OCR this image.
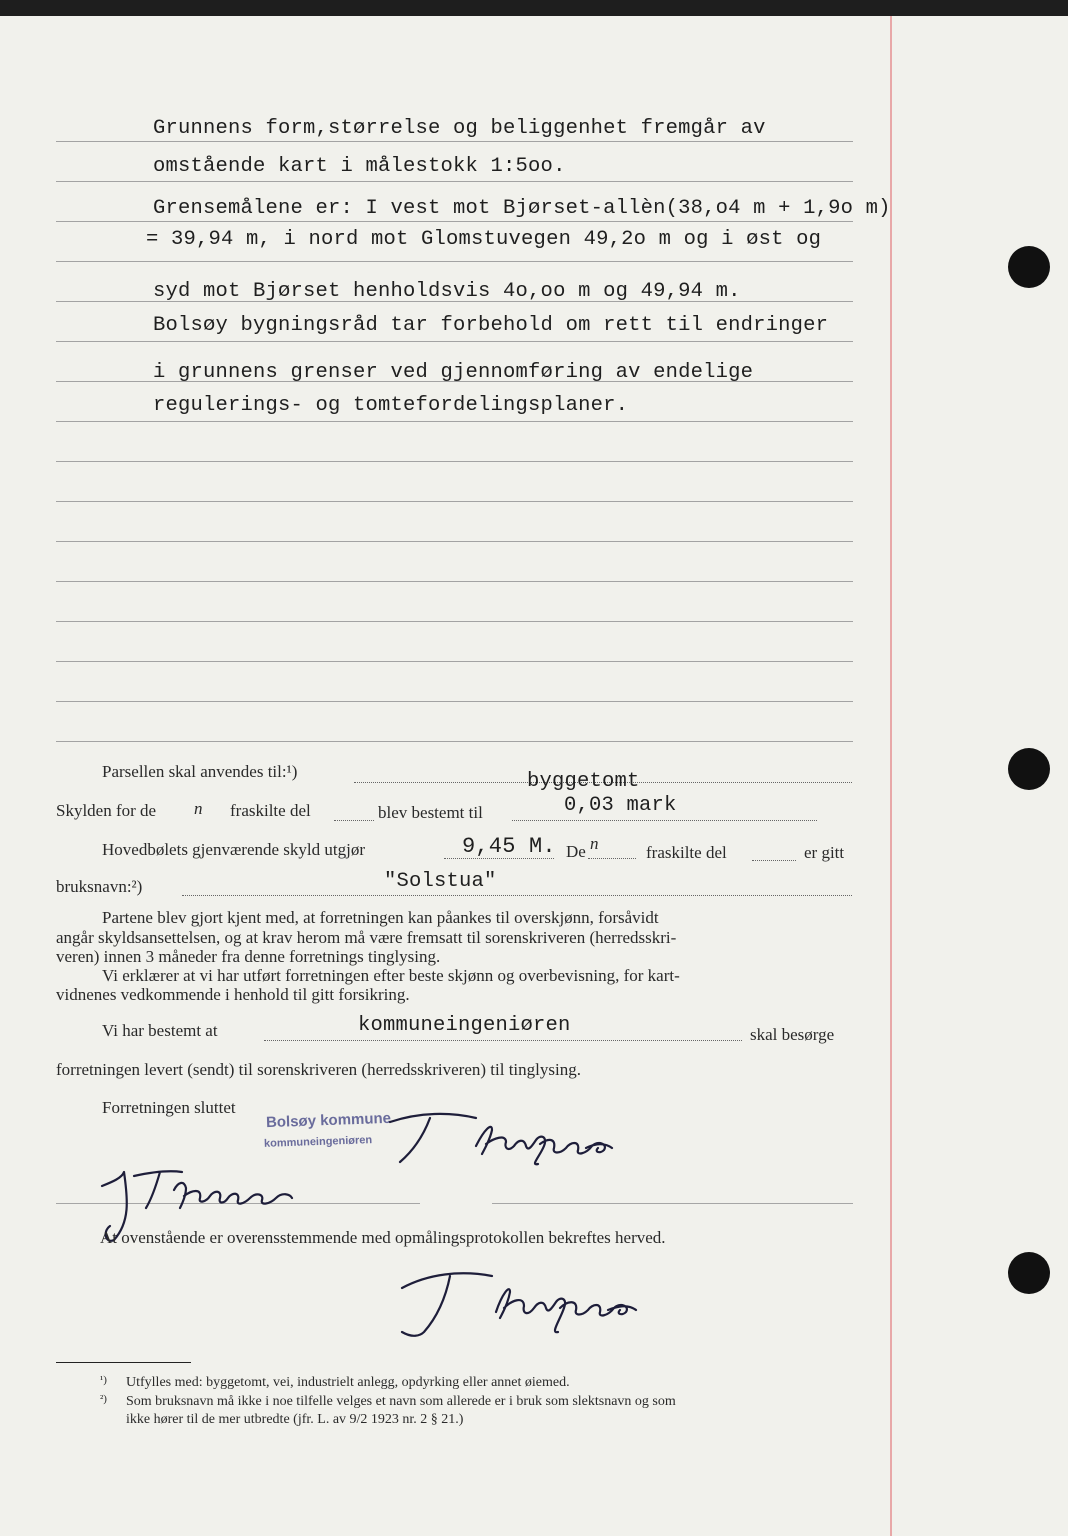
Grunnens form,størrelse og beliggenhet fremgår av
omstående kart i målestokk 1:5oo.
Grensemålene er: I vest mot Bjørset-allèn(38,o4 m + 1,9o m)
= 39,94 m, i nord mot Glomstuvegen 49,2o m og i øst og
syd mot Bjørset henholdsvis 4o,oo m og 49,94 m.
Bolsøy bygningsråd tar forbehold om rett til endringer
i grunnens grenser ved gjennomføring av endelige
regulerings- og tomtefordelingsplaner.
Parsellen skal anvendes til:¹)	byggetomt
Skylden for de n fraskilte del	blev bestemt til	0,03 mark
Hovedbølets gjenværende skyld utgjør	9,45 M. De n	fraskilte del	er gitt
bruksnavn:²)	"Solstua"
Partene blev gjort kjent med, at forretningen kan påankes til overskjønn, forsåvidt
angår skyldsansettelsen, og at krav herom må være fremsatt til sorenskriveren (herredsskri-
veren) innen 3 måneder fra denne forretnings tinglysing.
Vi erklærer at vi har utført forretningen efter beste skjønn og overbevisning, for kart-
vidnenes vedkommende i henhold til gitt forsikring.
Vi har bestemt at	kommuneingeniøren	skal besørge
forretningen levert (sendt) til sorenskriveren (herredsskriveren) til tinglysing.
Forretningen sluttet
Bolsøy kommune
kommuneingeniøren
At ovenstående er overensstemmende med opmålingsprotokollen bekreftes herved.
¹) Utfylles med: byggetomt, vei, industrielt anlegg, opdyrking eller annet øiemed.
²) Som bruksnavn må ikke i noe tilfelle velges et navn som allerede er i bruk som slektsnavn og som
ikke hører til de mer utbredte (jfr. L. av 9/2 1923 nr. 2 § 21.)
